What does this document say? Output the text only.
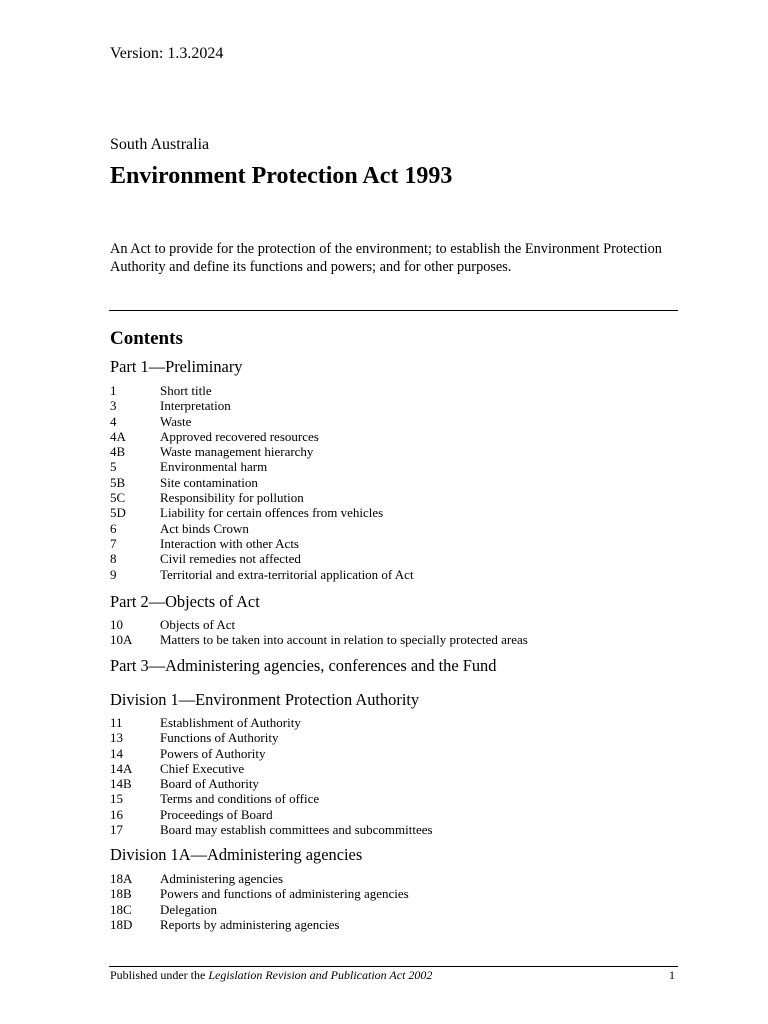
Version: 1.3.2024
South Australia
Environment Protection Act 1993
An Act to provide for the protection of the environment; to establish the Environment Protection Authority and define its functions and powers; and for other purposes.
Contents
Part 1—Preliminary
1	Short title
3	Interpretation
4	Waste
4A	Approved recovered resources
4B	Waste management hierarchy
5	Environmental harm
5B	Site contamination
5C	Responsibility for pollution
5D	Liability for certain offences from vehicles
6	Act binds Crown
7	Interaction with other Acts
8	Civil remedies not affected
9	Territorial and extra-territorial application of Act
Part 2—Objects of Act
10	Objects of Act
10A Matters to be taken into account in relation to specially protected areas
Part 3—Administering agencies, conferences and the Fund
Division 1—Environment Protection Authority
11	Establishment of Authority
13	Functions of Authority
14	Powers of Authority
14A Chief Executive
14B Board of Authority
15	Terms and conditions of office
16	Proceedings of Board
17	Board may establish committees and subcommittees
Division 1A—Administering agencies
18A Administering agencies
18B Powers and functions of administering agencies
18C Delegation
18D Reports by administering agencies
Published under the Legislation Revision and Publication Act 2002	1
